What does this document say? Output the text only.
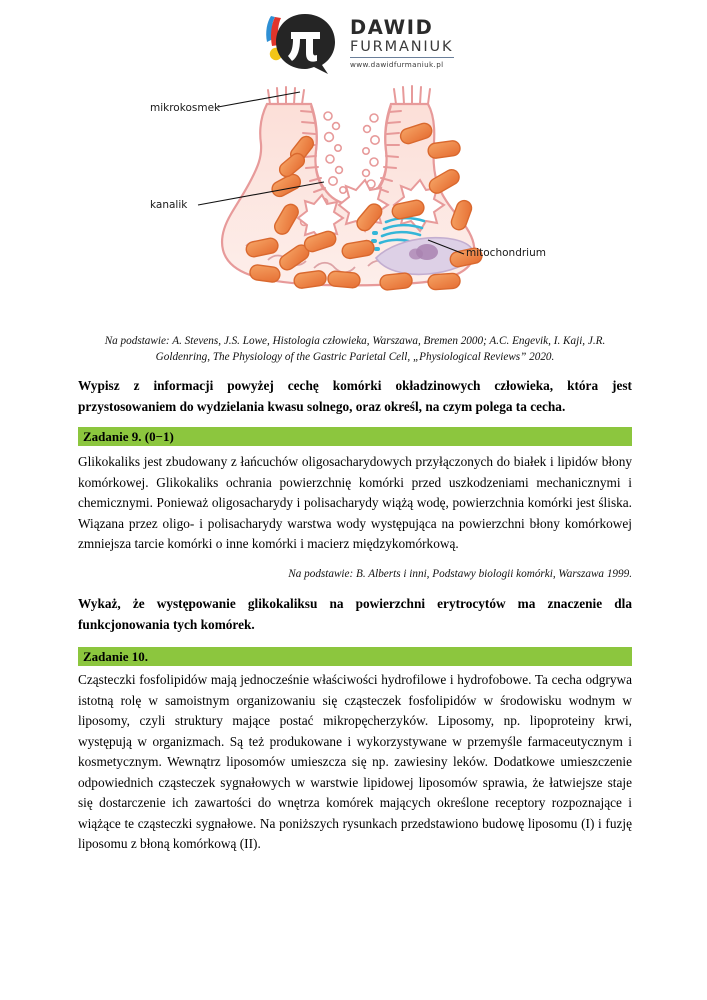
DAWID
FURMANIUK
www.dawidfurmaniuk.pl
mikrokosmek
kanalik
mitochondrium
Na podstawie: A. Stevens, J.S. Lowe, Histologia człowieka, Warszawa, Bremen 2000; A.C. Engevik, I. Kaji, J.R. Goldenring, The Physiology of the Gastric Parietal Cell, „Physiological Reviews” 2020.
Wypisz z informacji powyżej cechę komórki okładzinowych człowieka, która jest przystosowaniem do wydzielania kwasu solnego, oraz określ, na czym polega ta cecha.
Zadanie 9. (0−1)
Glikokaliks jest zbudowany z łańcuchów oligosacharydowych przyłączonych do białek i lipidów błony komórkowej. Glikokaliks ochrania powierzchnię komórki przed uszkodzeniami mechanicznymi i chemicznymi. Ponieważ oligosacharydy i polisacharydy wiążą wodę, powierzchnia komórki jest śliska. Wiązana przez oligo- i polisacharydy warstwa wody występująca na powierzchni błony komórkowej zmniejsza tarcie komórki o inne komórki i macierz międzykomórkową.
Na podstawie: B. Alberts i inni, Podstawy biologii komórki, Warszawa 1999.
Wykaż, że występowanie glikokaliksu na powierzchni erytrocytów ma znaczenie dla funkcjonowania tych komórek.
Zadanie 10.
Cząsteczki fosfolipidów mają jednocześnie właściwości hydrofilowe i hydrofobowe. Ta cecha odgrywa istotną rolę w samoistnym organizowaniu się cząsteczek fosfolipidów w środowisku wodnym w liposomy, czyli struktury mające postać mikropęcherzyków. Liposomy, np. lipoproteiny krwi, występują w organizmach. Są też produkowane i wykorzystywane w przemyśle farmaceutycznym i kosmetycznym. Wewnątrz liposomów umieszcza się np. zawiesiny leków. Dodatkowe umieszczenie odpowiednich cząsteczek sygnałowych w warstwie lipidowej liposomów sprawia, że łatwiejsze staje się dostarczenie ich zawartości do wnętrza komórek mających określone receptory rozpoznające i wiążące te cząsteczki sygnałowe. Na poniższych rysunkach przedstawiono budowę liposomu (I) i fuzję liposomu z błoną komórkową (II).
